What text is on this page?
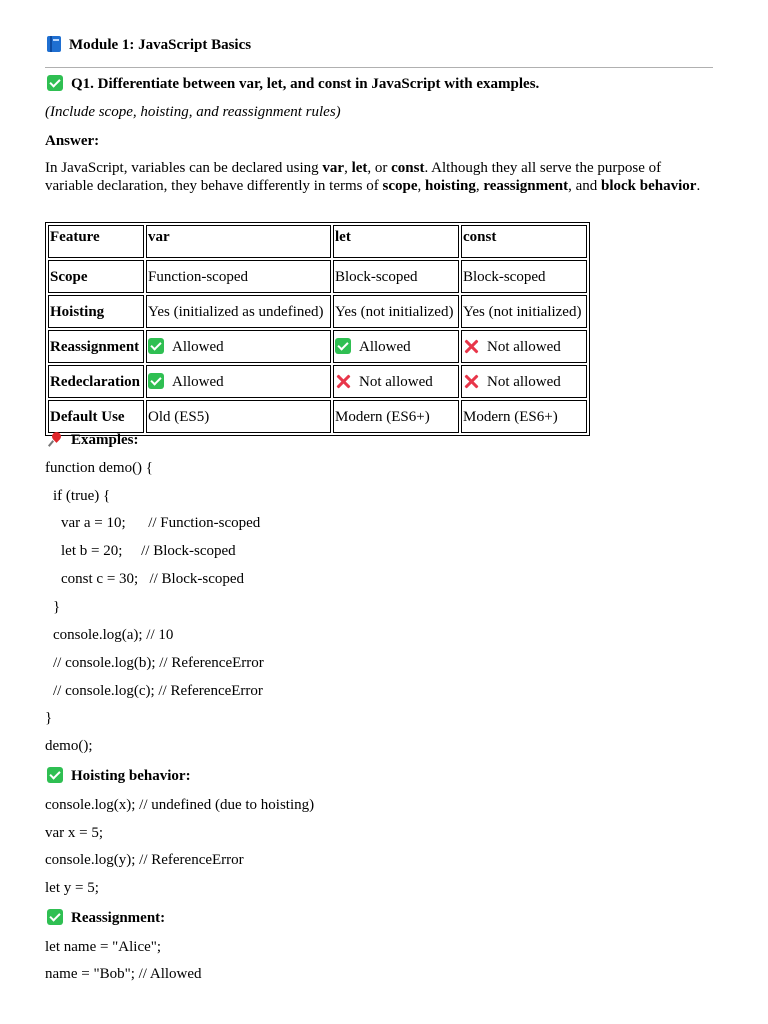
Module 1: JavaScript Basics
Q1. Differentiate between var, let, and const in JavaScript with examples.
(Include scope, hoisting, and reassignment rules)
Answer:
In JavaScript, variables can be declared using var, let, or const. Although they all serve the purpose of variable declaration, they behave differently in terms of scope, hoisting, reassignment, and block behavior.
Feature	var	let	const
Scope	Function-scoped	Block-scoped	Block-scoped
Hoisting	Yes (initialized as undefined)	Yes (not initialized)	Yes (not initialized)
Reassignment	Allowed	Allowed	Not allowed
Redeclaration	Allowed	Not allowed	Not allowed
Default Use	Old (ES5)	Modern (ES6+)	Modern (ES6+)
Examples:
function demo() {
if (true) {
var a = 10;      // Function-scoped
let b = 20;     // Block-scoped
const c = 30;   // Block-scoped
}
console.log(a); // 10
// console.log(b); // ReferenceError
// console.log(c); // ReferenceError
}
demo();
Hoisting behavior:
console.log(x); // undefined (due to hoisting)
var x = 5;
console.log(y); // ReferenceError
let y = 5;
Reassignment:
let name = "Alice";
name = "Bob"; // Allowed
